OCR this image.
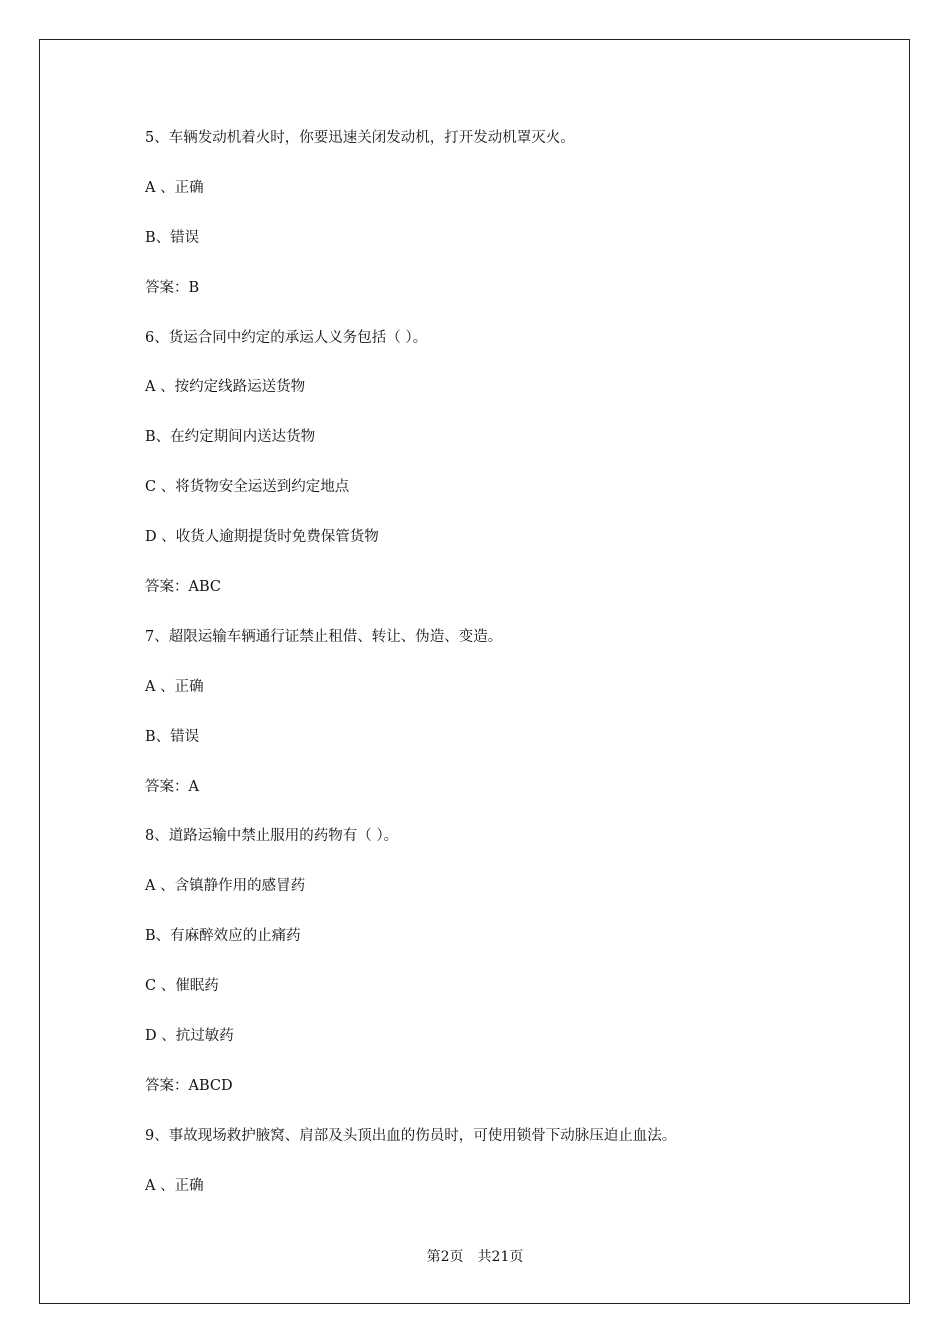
5、车辆发动机着火时，你要迅速关闭发动机，打开发动机罩灭火。
A 、正确
B、错误
答案：B
6、货运合同中约定的承运人义务包括（ ）。
A 、按约定线路运送货物
B、在约定期间内送达货物
C 、将货物安全运送到约定地点
D 、收货人逾期提货时免费保管货物
答案：ABC
7、超限运输车辆通行证禁止租借、转让、伪造、变造。
A 、正确
B、错误
答案：A
8、道路运输中禁止服用的药物有（ ）。
A 、含镇静作用的感冒药
B、有麻醉效应的止痛药
C 、催眠药
D 、抗过敏药
答案：ABCD
9、事故现场救护腋窝、肩部及头顶出血的伤员时，可使用锁骨下动脉压迫止血法。
A 、正确
第2页 共21页
